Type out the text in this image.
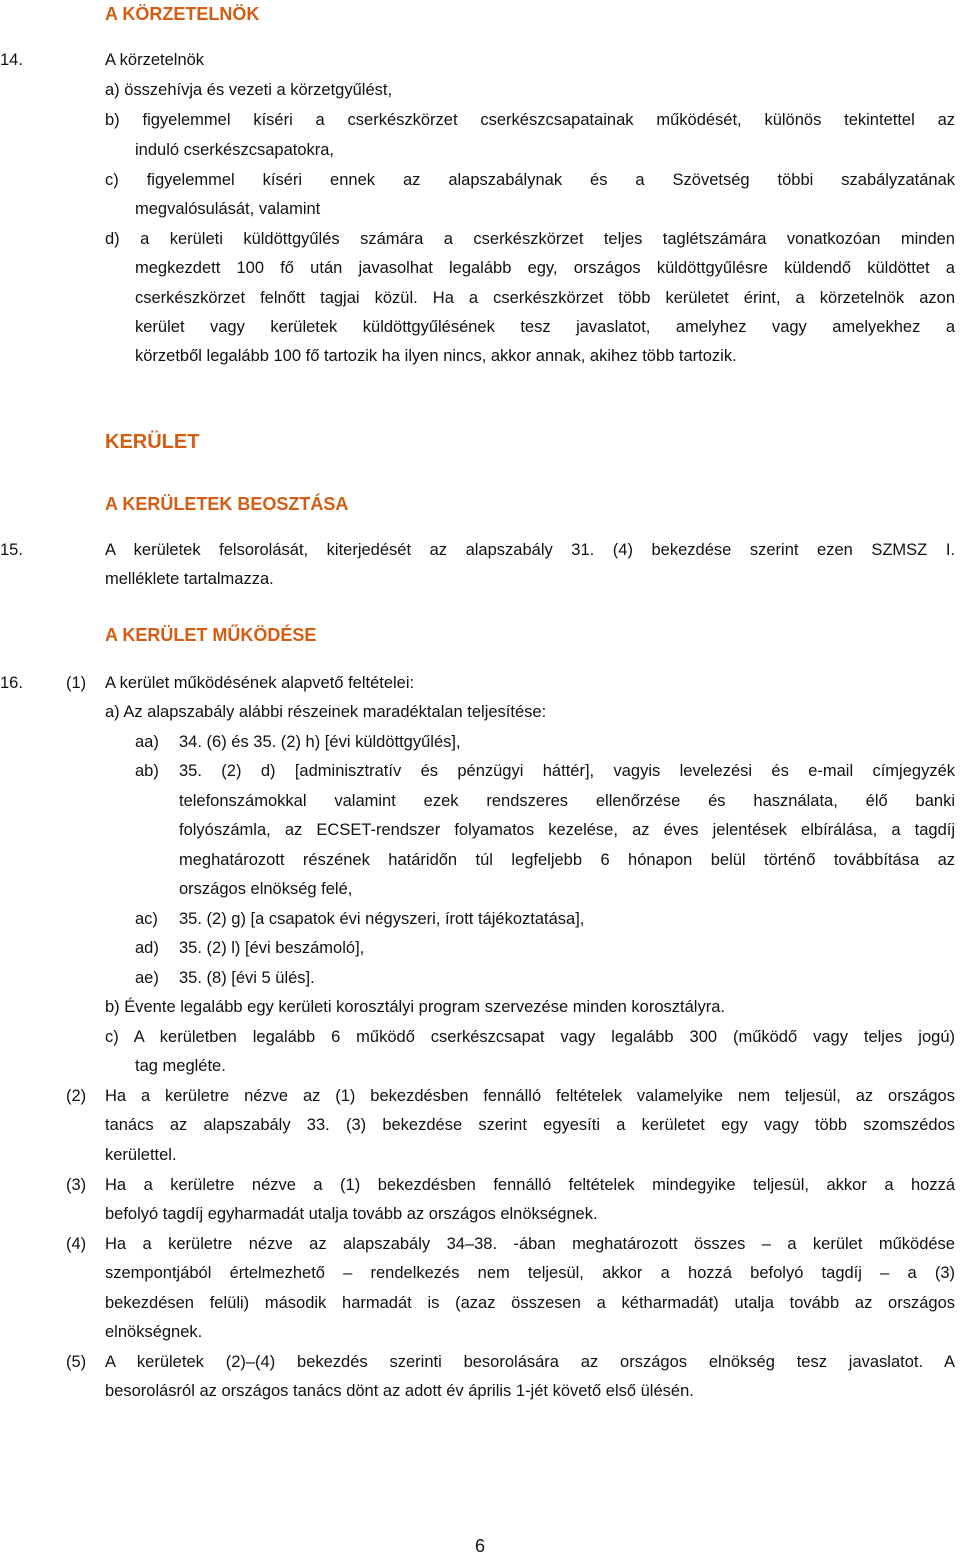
A KÖRZETELNÖK
14.	A körzetelnök
a) összehívja és vezeti a körzetgyűlést,
b) figyelemmel kíséri a cserkészkörzet cserkészcsapatainak működését, különös tekintettel az
induló cserkészcsapatokra,
c) figyelemmel kíséri ennek az alapszabálynak és a Szövetség többi szabályzatának
megvalósulását, valamint
d) a kerületi küldöttgyűlés számára a cserkészkörzet teljes taglétszámára vonatkozóan minden
megkezdett 100 fő után javasolhat legalább egy, országos küldöttgyűlésre küldendő küldöttet a
cserkészkörzet felnőtt tagjai közül. Ha a cserkészkörzet több kerületet érint, a körzetelnök azon
kerület vagy kerületek küldöttgyűlésének tesz javaslatot, amelyhez vagy amelyekhez a
körzetből legalább 100 fő tartozik ha ilyen nincs, akkor annak, akihez több tartozik.
KERÜLET
A KERÜLETEK BEOSZTÁSA
15.	A kerületek felsorolását, kiterjedését az alapszabály 31. (4) bekezdése szerint ezen SZMSZ I.
melléklete tartalmazza.
A KERÜLET MŰKÖDÉSE
16.	(1) A kerület működésének alapvető feltételei:
a) Az alapszabály alábbi részeinek maradéktalan teljesítése:
aa) 34. (6) és 35. (2) h) [évi küldöttgyűlés],
ab) 35. (2) d) [adminisztratív és pénzügyi háttér], vagyis levelezési és e-mail címjegyzék
telefonszámokkal valamint ezek rendszeres ellenőrzése és használata, élő banki
folyószámla, az ECSET-rendszer folyamatos kezelése, az éves jelentések elbírálása, a tagdíj
meghatározott részének határidőn túl legfeljebb 6 hónapon belül történő továbbítása az
országos elnökség felé,
ac) 35. (2) g) [a csapatok évi négyszeri, írott tájékoztatása],
ad) 35. (2) l) [évi beszámoló],
ae) 35. (8) [évi 5 ülés].
b) Évente legalább egy kerületi korosztályi program szervezése minden korosztályra.
c) A kerületben legalább 6 működő cserkészcsapat vagy legalább 300 (működő vagy teljes jogú)
tag megléte.
(2) Ha a kerületre nézve az (1) bekezdésben fennálló feltételek valamelyike nem teljesül, az országos
tanács az alapszabály 33. (3) bekezdése szerint egyesíti a kerületet egy vagy több szomszédos
kerülettel.
(3) Ha a kerületre nézve a (1) bekezdésben fennálló feltételek mindegyike teljesül, akkor a hozzá
befolyó tagdíj egyharmadát utalja tovább az országos elnökségnek.
(4) Ha a kerületre nézve az alapszabály 34–38. -ában meghatározott összes – a kerület működése
szempontjából értelmezhető – rendelkezés nem teljesül, akkor a hozzá befolyó tagdíj – a (3)
bekezdésen felüli) második harmadát is (azaz összesen a kétharmadát) utalja tovább az országos
elnökségnek.
(5) A kerületek (2)–(4) bekezdés szerinti besorolására az országos elnökség tesz javaslatot. A
besorolásról az országos tanács dönt az adott év április 1-jét követő első ülésén.
6
